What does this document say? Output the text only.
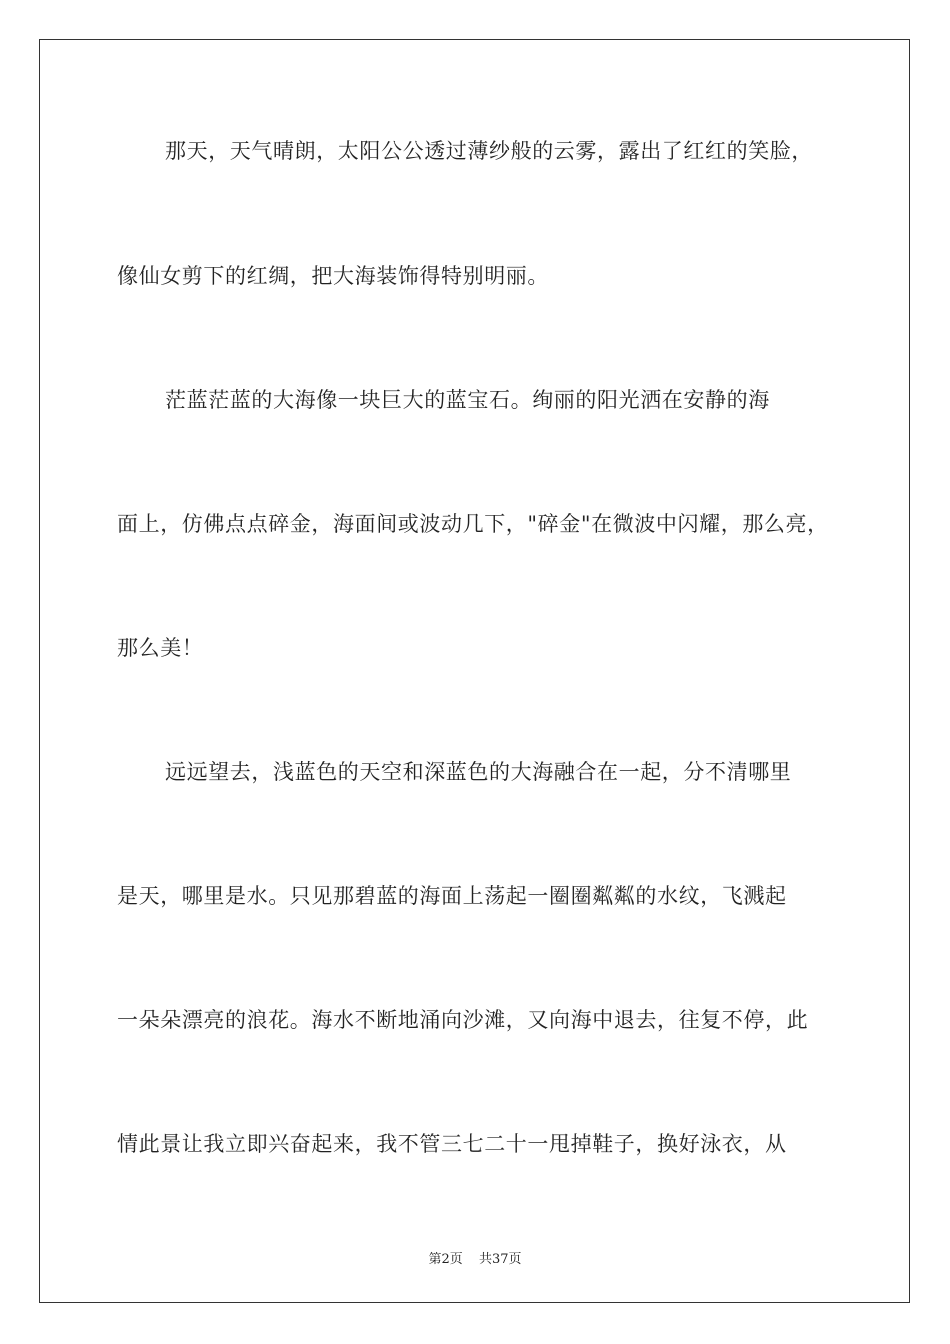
那天，天气晴朗，太阳公公透过薄纱般的云雾，露出了红红的笑脸，
像仙女剪下的红绸，把大海装饰得特别明丽。
茫蓝茫蓝的大海像一块巨大的蓝宝石。绚丽的阳光洒在安静的海
面上，仿佛点点碎金，海面间或波动几下，"碎金"在微波中闪耀，那么亮，
那么美！
远远望去，浅蓝色的天空和深蓝色的大海融合在一起，分不清哪里
是天，哪里是水。只见那碧蓝的海面上荡起一圈圈粼粼的水纹，飞溅起
一朵朵漂亮的浪花。海水不断地涌向沙滩，又向海中退去，往复不停，此
情此景让我立即兴奋起来，我不管三七二十一甩掉鞋子，换好泳衣，从
第2页 共37页
